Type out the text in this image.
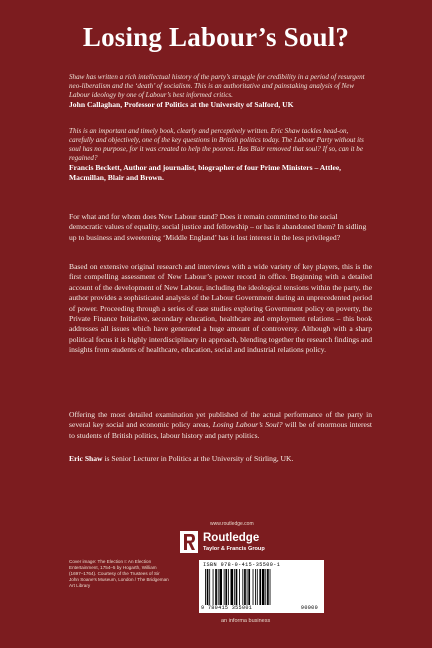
Losing Labour’s Soul?
Shaw has written a rich intellectual history of the party’s struggle for credibility in a period of resurgent neo-liberalism and the ‘death’ of socialism. This is an authoritative and painstaking analysis of New Labour ideology by one of Labour’s best informed critics.
John Callaghan, Professor of Politics at the University of Salford, UK
This is an important and timely book, clearly and perceptively written. Eric Shaw tackles head-on, carefully and objectively, one of the key questions in British politics today. The Labour Party without its soul has no purpose, for it was created to help the poorest. Has Blair removed that soul? If so, can it be regained?
Francis Beckett, Author and journalist, biographer of four Prime Ministers – Attlee, Macmillan, Blair and Brown.
For what and for whom does New Labour stand? Does it remain committed to the social democratic values of equality, social justice and fellowship – or has it abandoned them? In sidling up to business and sweetening ‘Middle England’ has it lost interest in the less privileged?
Based on extensive original research and interviews with a wide variety of key players, this is the first compelling assessment of New Labour’s power record in office. Beginning with a detailed account of the development of New Labour, including the ideological tensions within the party, the author provides a sophisticated analysis of the Labour Government during an unprecedented period of power. Proceeding through a series of case studies exploring Government policy on poverty, the Private Finance Initiative, secondary education, healthcare and employment relations – this book addresses all issues which have generated a huge amount of controversy. Although with a sharp political focus it is highly interdisciplinary in approach, blending together the research findings and insights from students of healthcare, education, social and industrial relations policy.
Offering the most detailed examination yet published of the actual performance of the party in several key social and economic policy areas, Losing Labour’s Soul? will be of enormous interest to students of British politics, labour history and party politics.
Eric Shaw is Senior Lecturer in Politics at the University of Stirling, UK.
www.routledge.com
Routledge
Taylor & Francis Group
Cover image: The Election I: An Election Entertainment, 1754–5 by Hogarth, William (1697–1764). Courtesy of the Trustees of Sir John Soane’s Museum, London / The Bridgeman Art Library
ISBN 978-0-415-35500-1
9 780415 355001	90000
an informa business
